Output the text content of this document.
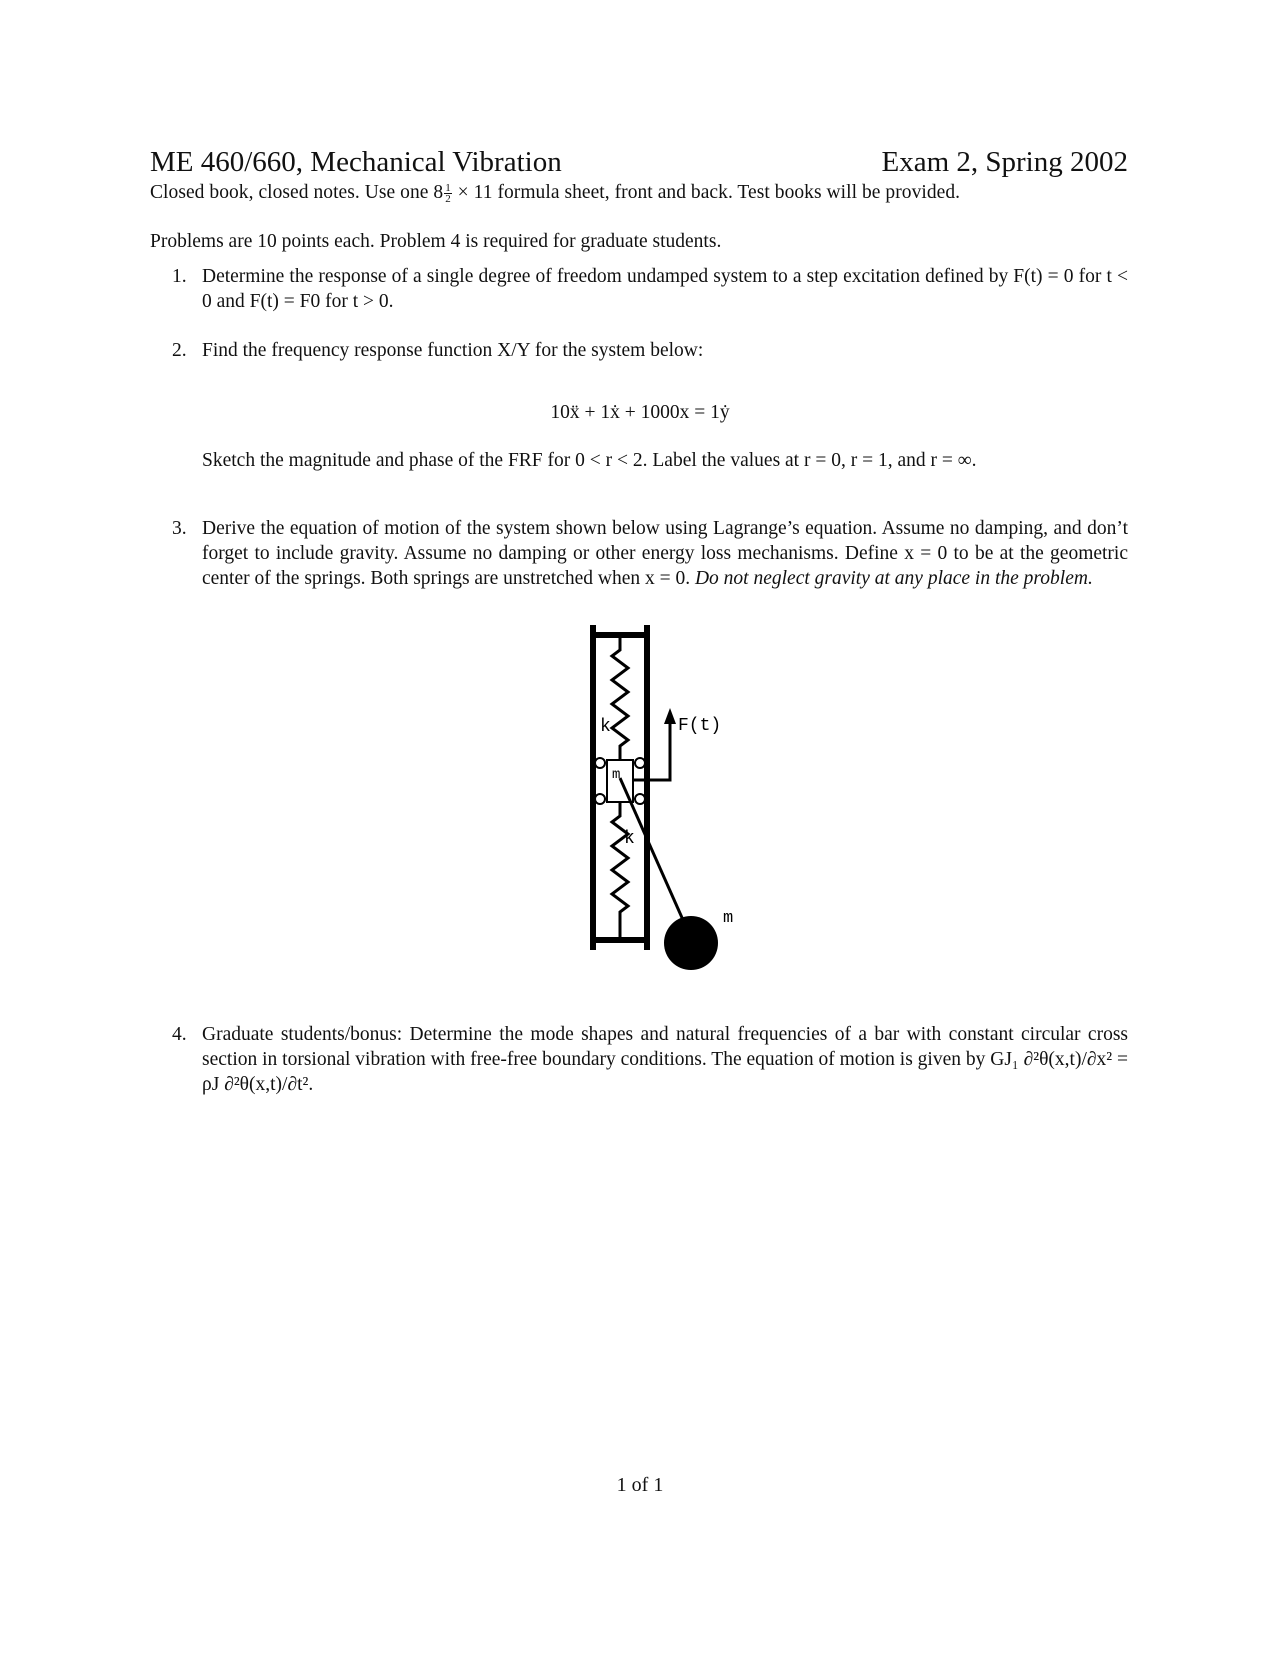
ME 460/660, Mechanical Vibration	Exam 2, Spring 2002
Closed book, closed notes. Use one $8 \frac{1}{2} \times 11$ formula sheet, front and back. Test books will be provided.
Problems are 10 points each. Problem 4 is required for graduate students.
1. Determine the response of a single degree of freedom undamped system to a step excitation defined by F(t) = 0 for t < 0 and F(t) = F0 for t > 0.
2. Find the frequency response function X/Y for the system below:
10ẍ + 1ẋ + 1000x = 1ẏ
Sketch the magnitude and phase of the FRF for 0 < r < 2. Label the values at r = 0, r = 1, and r = ∞.
3. Derive the equation of motion of the system shown below using Lagrange’s equation. Assume no damping, and don’t forget to include gravity. Assume no damping or other energy loss mechanisms. Define x = 0 to be at the geometric center of the springs. Both springs are unstretched when x = 0. Do not neglect gravity at any place in the problem.
k
m
F(t)
k
m
4. Graduate students/bonus: Determine the mode shapes and natural frequencies of a bar with constant circular cross section in torsional vibration with free-free boundary conditions. The equation of motion is given by GJ₁ ∂²θ(x,t)/∂x² = ρJ ∂²θ(x,t)/∂t².
1 of 1
